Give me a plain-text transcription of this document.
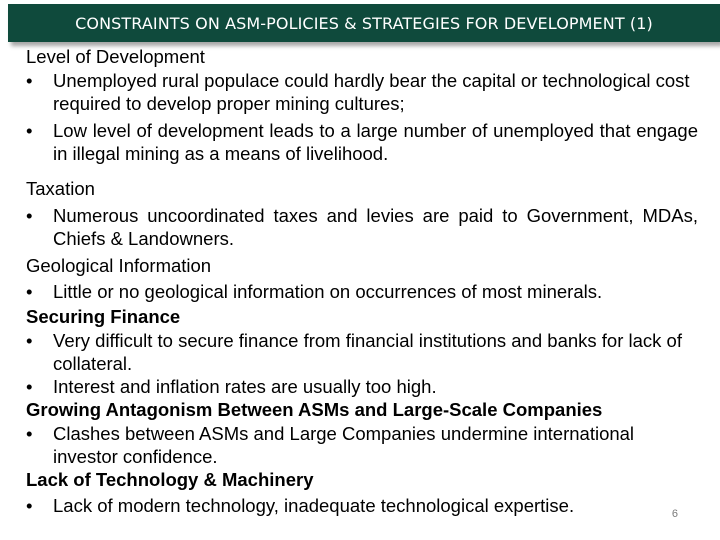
CONSTRAINTS ON ASM-POLICIES & STRATEGIES FOR DEVELOPMENT (1)
Level of Development
• Unemployed rural populace could hardly bear the capital or technological cost required to develop proper mining cultures;
• Low level of development leads to a large number of unemployed that engage in illegal mining as a means of livelihood.
Taxation
• Numerous uncoordinated taxes and levies are paid to Government, MDAs, Chiefs & Landowners.
Geological Information
• Little or no geological information on occurrences of most minerals.
Securing Finance
• Very difficult to secure finance from financial institutions and banks for lack of collateral.
• Interest and inflation rates are usually too high.
Growing Antagonism Between ASMs and Large-Scale Companies
• Clashes between ASMs and Large Companies undermine international investor confidence.
Lack of Technology & Machinery
• Lack of modern technology, inadequate technological expertise.	6
